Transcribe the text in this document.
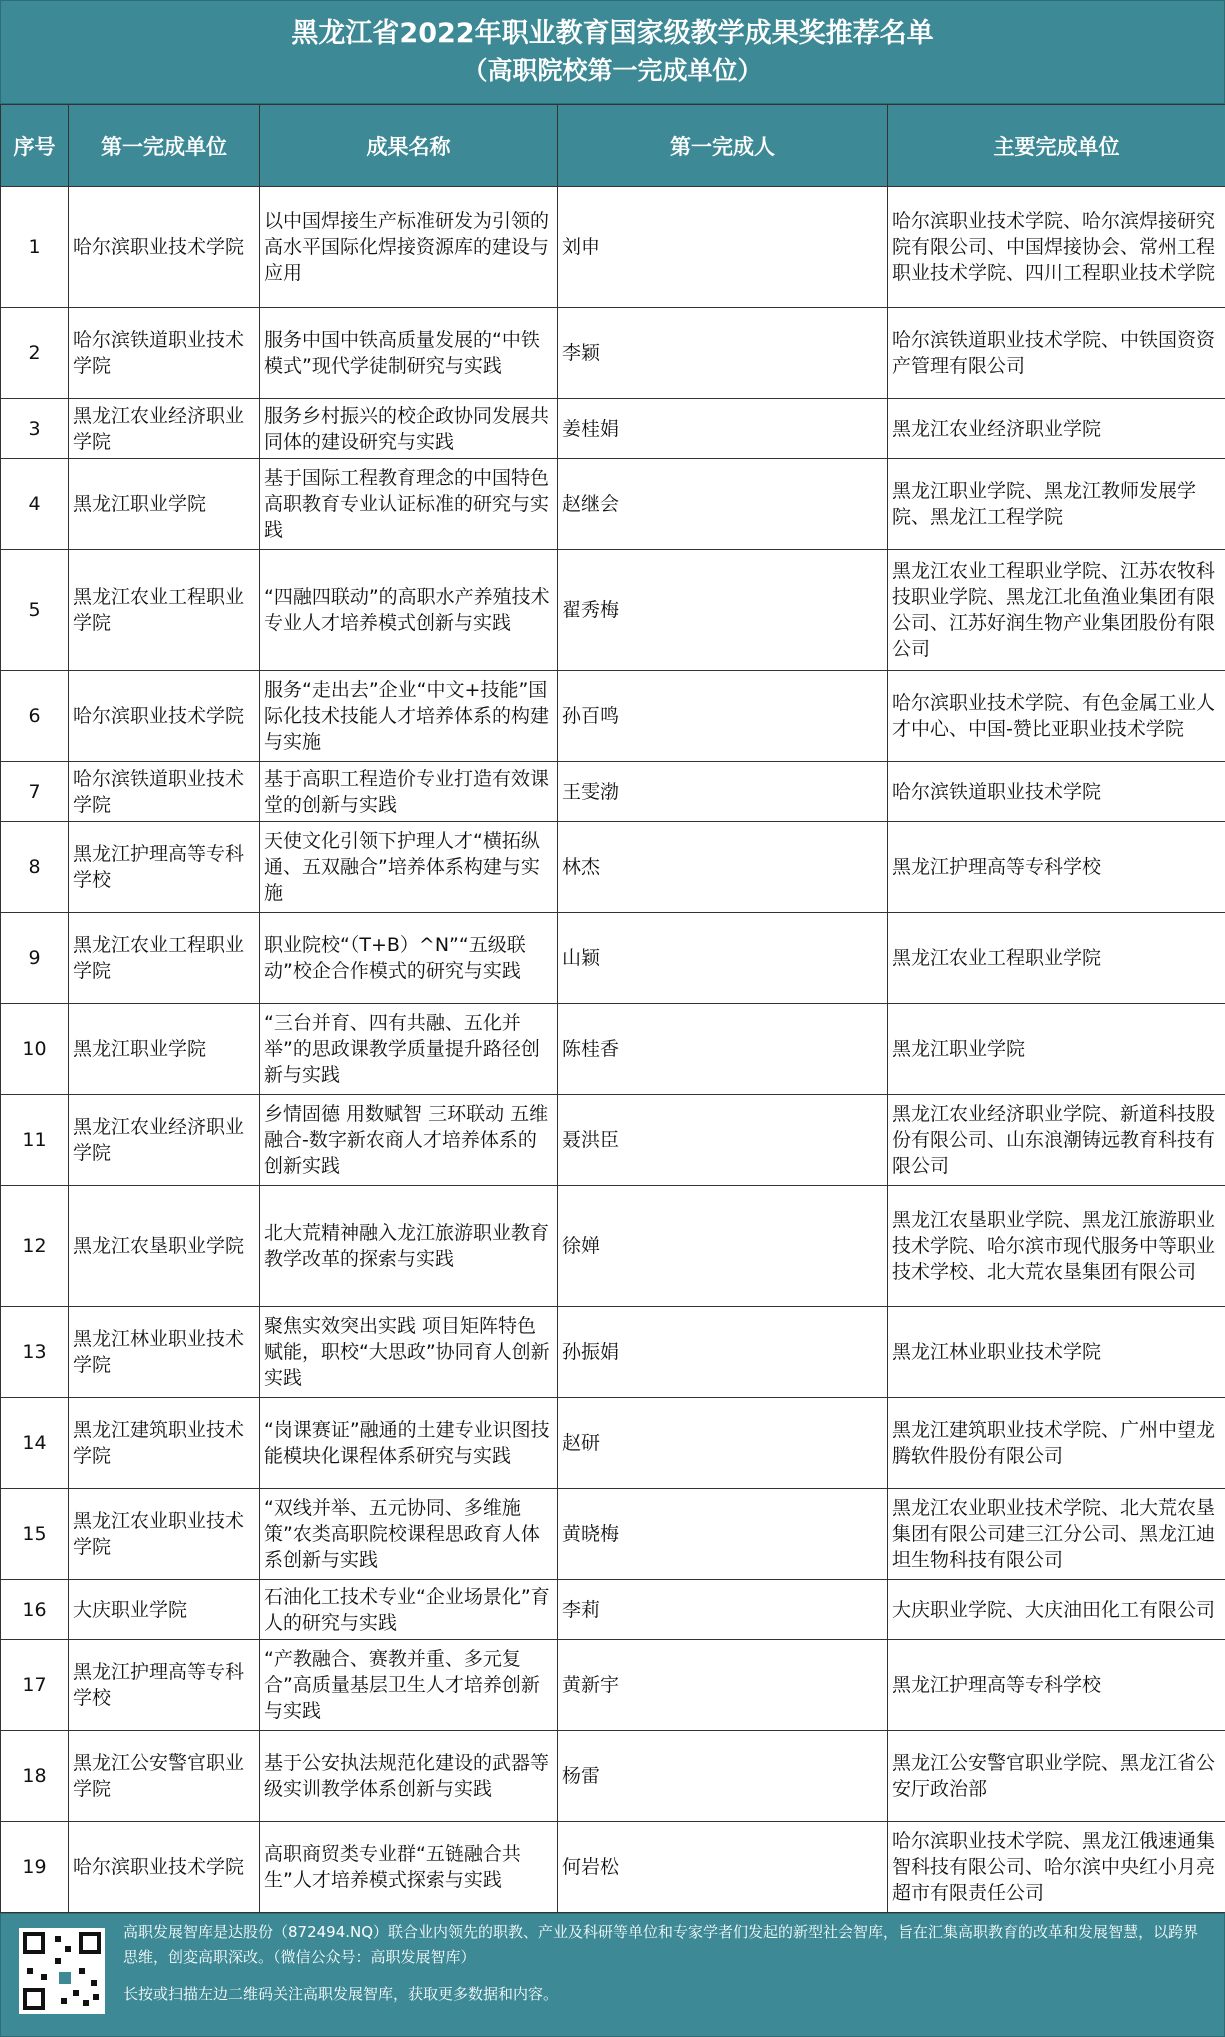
黑龙江省2022年职业教育国家级教学成果奖推荐名单
（高职院校第一完成单位）
序号	第一完成单位	成果名称	第一完成人	主要完成单位
1	哈尔滨职业技术学院	以中国焊接生产标准研发为引领的高水平国际化焊接资源库的建设与应用	刘申	哈尔滨职业技术学院、哈尔滨焊接研究院有限公司、中国焊接协会、常州工程职业技术学院、四川工程职业技术学院
2	哈尔滨铁道职业技术学院	服务中国中铁高质量发展的“中铁模式”现代学徒制研究与实践	李颖	哈尔滨铁道职业技术学院、中铁国资资产管理有限公司
3	黑龙江农业经济职业学院	服务乡村振兴的校企政协同发展共同体的建设研究与实践	姜桂娟	黑龙江农业经济职业学院
4	黑龙江职业学院	基于国际工程教育理念的中国特色高职教育专业认证标准的研究与实践	赵继会	黑龙江职业学院、黑龙江教师发展学院、黑龙江工程学院
5	黑龙江农业工程职业学院	“四融四联动”的高职水产养殖技术专业人才培养模式创新与实践	翟秀梅	黑龙江农业工程职业学院、江苏农牧科技职业学院、黑龙江北鱼渔业集团有限公司、江苏好润生物产业集团股份有限公司
6	哈尔滨职业技术学院	服务“走出去”企业“中文+技能”国际化技术技能人才培养体系的构建与实施	孙百鸣	哈尔滨职业技术学院、有色金属工业人才中心、中国-赞比亚职业技术学院
7	哈尔滨铁道职业技术学院	基于高职工程造价专业打造有效课堂的创新与实践	王雯渤	哈尔滨铁道职业技术学院
8	黑龙江护理高等专科学校	天使文化引领下护理人才“横拓纵通、五双融合”培养体系构建与实施	林杰	黑龙江护理高等专科学校
9	黑龙江农业工程职业学院	职业院校“（T+B）^N”“五级联动”校企合作模式的研究与实践	山颖	黑龙江农业工程职业学院
10	黑龙江职业学院	“三台并育、四有共融、五化并举”的思政课教学质量提升路径创新与实践	陈桂香	黑龙江职业学院
11	黑龙江农业经济职业学院	乡情固德 用数赋智 三环联动 五维融合-数字新农商人才培养体系的创新实践	聂洪臣	黑龙江农业经济职业学院、新道科技股份有限公司、山东浪潮铸远教育科技有限公司
12	黑龙江农垦职业学院	北大荒精神融入龙江旅游职业教育教学改革的探索与实践	徐婵	黑龙江农垦职业学院、黑龙江旅游职业技术学院、哈尔滨市现代服务中等职业技术学校、北大荒农垦集团有限公司
13	黑龙江林业职业技术学院	聚焦实效突出实践 项目矩阵特色赋能，职校“大思政”协同育人创新实践	孙振娟	黑龙江林业职业技术学院
14	黑龙江建筑职业技术学院	“岗课赛证”融通的土建专业识图技能模块化课程体系研究与实践	赵研	黑龙江建筑职业技术学院、广州中望龙腾软件股份有限公司
15	黑龙江农业职业技术学院	“双线并举、五元协同、多维施策”农类高职院校课程思政育人体系创新与实践	黄晓梅	黑龙江农业职业技术学院、北大荒农垦集团有限公司建三江分公司、黑龙江迪坦生物科技有限公司
16	大庆职业学院	石油化工技术专业“企业场景化”育人的研究与实践	李莉	大庆职业学院、大庆油田化工有限公司
17	黑龙江护理高等专科学校	“产教融合、赛教并重、多元复合”高质量基层卫生人才培养创新与实践	黄新宇	黑龙江护理高等专科学校
18	黑龙江公安警官职业学院	基于公安执法规范化建设的武器等级实训教学体系创新与实践	杨雷	黑龙江公安警官职业学院、黑龙江省公安厅政治部
19	哈尔滨职业技术学院	高职商贸类专业群“五链融合共生”人才培养模式探索与实践	何岩松	哈尔滨职业技术学院、黑龙江俄速通集智科技有限公司、哈尔滨中央红小月亮超市有限责任公司

高职发展智库是达股份（872494.NQ）联合业内领先的职教、产业及科研等单位和专家学者们发起的新型社会智库，旨在汇集高职教育的改革和发展智慧，以跨界思维，创変高职深改。（微信公众号：高职发展智库）

长按或扫描左边二维码关注高职发展智库，获取更多数据和内容。
